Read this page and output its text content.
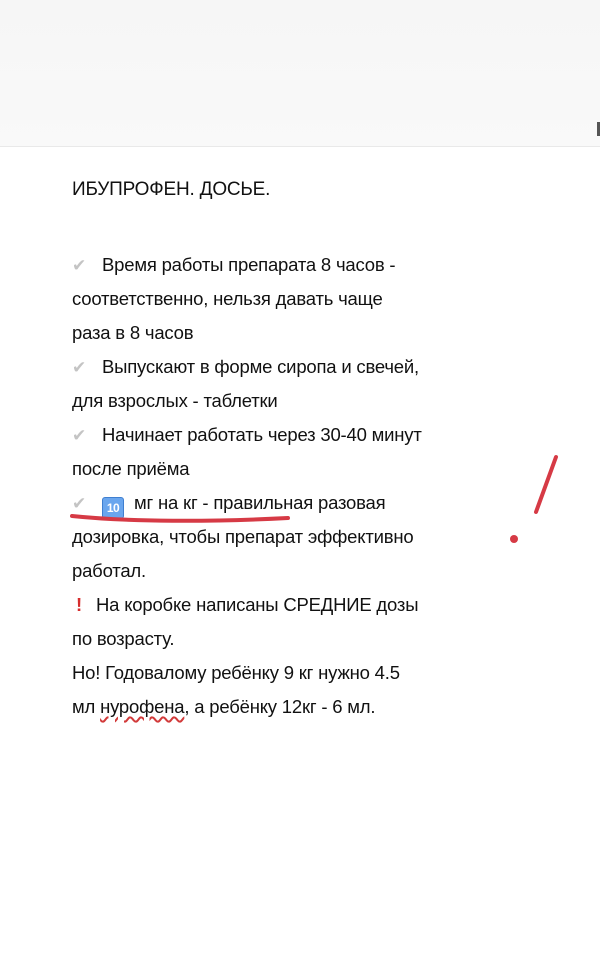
ИБУПРОФЕН. ДОСЬЕ.
✔ Время работы препарата 8 часов -
соответственно, нельзя давать чаще
раза в 8 часов
✔ Выпускают в форме сиропа и свечей,
для взрослых - таблетки
✔ Начинает работать через 30-40 минут
после приёма
✔ 10 мг на кг - правильная разовая
дозировка, чтобы препарат эффективно
работал.
! На коробке написаны СРЕДНИЕ дозы
по возрасту.
Но! Годовалому ребёнку 9 кг нужно 4.5
мл нурофена, а ребёнку 12кг - 6 мл.
